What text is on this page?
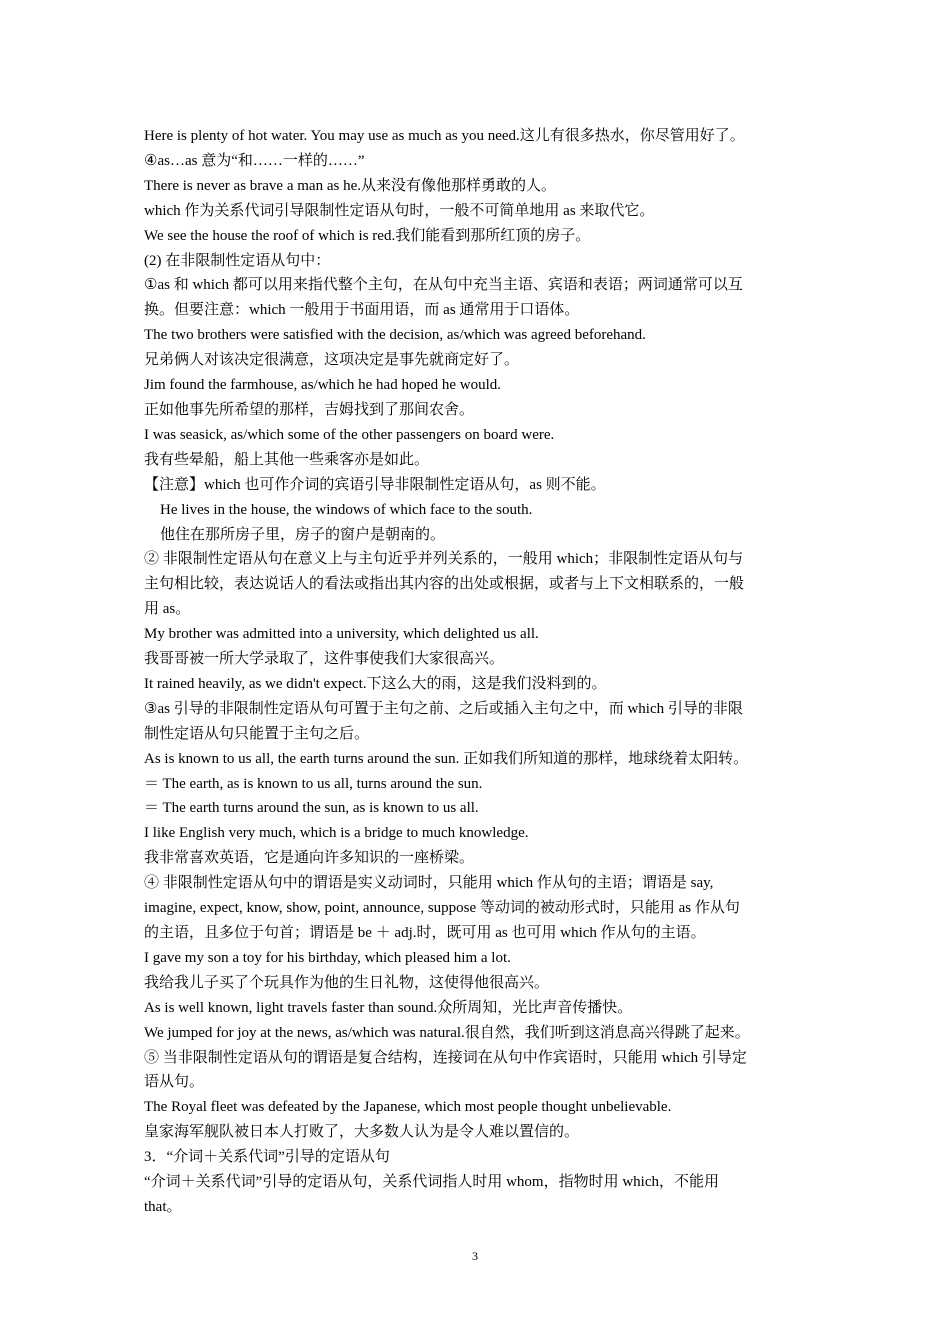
Here is plenty of hot water. You may use as much as you need.这儿有很多热水，你尽管用好了。
④as…as 意为“和……一样的……”
There is never as brave a man as he.从来没有像他那样勇敢的人。
which 作为关系代词引导限制性定语从句时，一般不可简单地用 as 来取代它。
We see the house the roof of which is red.我们能看到那所红顶的房子。
(2) 在非限制性定语从句中：
①as 和 which 都可以用来指代整个主句，在从句中充当主语、宾语和表语；两词通常可以互
换。但要注意：which 一般用于书面用语，而 as 通常用于口语体。
The two brothers were satisfied with the decision, as/which was agreed beforehand.
兄弟俩人对该决定很满意，这项决定是事先就商定好了。
Jim found the farmhouse, as/which he had hoped he would.
正如他事先所希望的那样，吉姆找到了那间农舍。
I was seasick, as/which some of the other passengers on board were.
我有些晕船，船上其他一些乘客亦是如此。
【注意】which 也可作介词的宾语引导非限制性定语从句，as 则不能。
He lives in the house, the windows of which face to the south.
他住在那所房子里，房子的窗户是朝南的。
② 非限制性定语从句在意义上与主句近乎并列关系的，一般用 which；非限制性定语从句与
主句相比较，表达说话人的看法或指出其内容的出处或根据，或者与上下文相联系的，一般
用 as。
My brother was admitted into a university, which delighted us all.
我哥哥被一所大学录取了，这件事使我们大家很高兴。
It rained heavily, as we didn't expect.下这么大的雨，这是我们没料到的。
③as 引导的非限制性定语从句可置于主句之前、之后或插入主句之中，而 which 引导的非限
制性定语从句只能置于主句之后。
As is known to us all, the earth turns around the sun. 正如我们所知道的那样，地球绕着太阳转。
＝ The earth, as is known to us all, turns around the sun.
＝ The earth turns around the sun, as is known to us all.
I like English very much, which is a bridge to much knowledge.
我非常喜欢英语，它是通向许多知识的一座桥梁。
④ 非限制性定语从句中的谓语是实义动词时，只能用 which 作从句的主语；谓语是 say,
imagine, expect, know, show, point, announce, suppose 等动词的被动形式时，只能用 as 作从句
的主语，且多位于句首；谓语是 be ＋ adj.时，既可用 as 也可用 which 作从句的主语。
I gave my son a toy for his birthday, which pleased him a lot.
我给我儿子买了个玩具作为他的生日礼物，这使得他很高兴。
As is well known, light travels faster than sound.众所周知，光比声音传播快。
We jumped for joy at the news, as/which was natural.很自然，我们听到这消息高兴得跳了起来。
⑤ 当非限制性定语从句的谓语是复合结构，连接词在从句中作宾语时，只能用 which 引导定
语从句。
The Royal fleet was defeated by the Japanese, which most people thought unbelievable.
皇家海军舰队被日本人打败了，大多数人认为是令人难以置信的。
3．“介词＋关系代词”引导的定语从句
“介词＋关系代词”引导的定语从句，关系代词指人时用 whom，指物时用 which，不能用
that。
3
